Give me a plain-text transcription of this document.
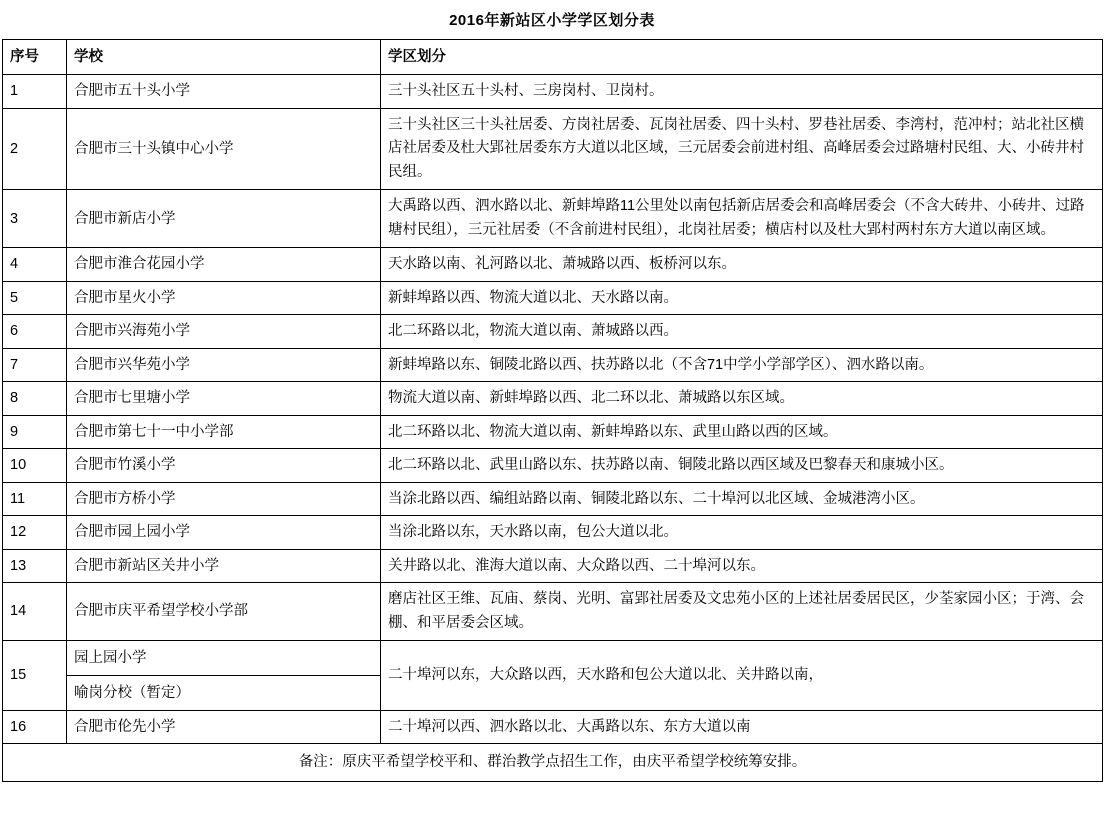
2016年新站区小学学区划分表
序号	学校	学区划分
1	合肥市五十头小学	三十头社区五十头村、三房岗村、卫岗村。
2	合肥市三十头镇中心小学	三十头社区三十头社居委、方岗社居委、瓦岗社居委、四十头村、罗巷社居委、李湾村，范冲村；站北社区横店社居委及杜大郢社居委东方大道以北区域，三元居委会前进村组、高峰居委会过路塘村民组、大、小砖井村民组。
3	合肥市新店小学	大禹路以西、泗水路以北、新蚌埠路11公里处以南包括新店居委会和高峰居委会（不含大砖井、小砖井、过路塘村民组），三元社居委（不含前进村民组），北岗社居委；横店村以及杜大郢村两村东方大道以南区域。
4	合肥市淮合花园小学	天水路以南、礼河路以北、萧城路以西、板桥河以东。
5	合肥市星火小学	新蚌埠路以西、物流大道以北、天水路以南。
6	合肥市兴海苑小学	北二环路以北，物流大道以南、萧城路以西。
7	合肥市兴华苑小学	新蚌埠路以东、铜陵北路以西、扶苏路以北（不含71中学小学部学区）、泗水路以南。
8	合肥市七里塘小学	物流大道以南、新蚌埠路以西、北二环以北、萧城路以东区域。
9	合肥市第七十一中小学部	北二环路以北、物流大道以南、新蚌埠路以东、武里山路以西的区域。
10	合肥市竹溪小学	北二环路以北、武里山路以东、扶苏路以南、铜陵北路以西区域及巴黎春天和康城小区。
11	合肥市方桥小学	当涂北路以西、编组站路以南、铜陵北路以东、二十埠河以北区域、金城港湾小区。
12	合肥市园上园小学	当涂北路以东，天水路以南，包公大道以北。
13	合肥市新站区关井小学	关井路以北、淮海大道以南、大众路以西、二十埠河以东。
14	合肥市庆平希望学校小学部	磨店社区王维、瓦庙、蔡岗、光明、富郢社居委及文忠苑小区的上述社居委居民区，少荃家园小区；于湾、会棚、和平居委会区域。
15	园上园小学	二十埠河以东，大众路以西，天水路和包公大道以北、关井路以南，
	喻岗分校（暂定）	
16	合肥市伦先小学	二十埠河以西、泗水路以北、大禹路以东、东方大道以南
备注：原庆平希望学校平和、群治教学点招生工作，由庆平希望学校统筹安排。		
